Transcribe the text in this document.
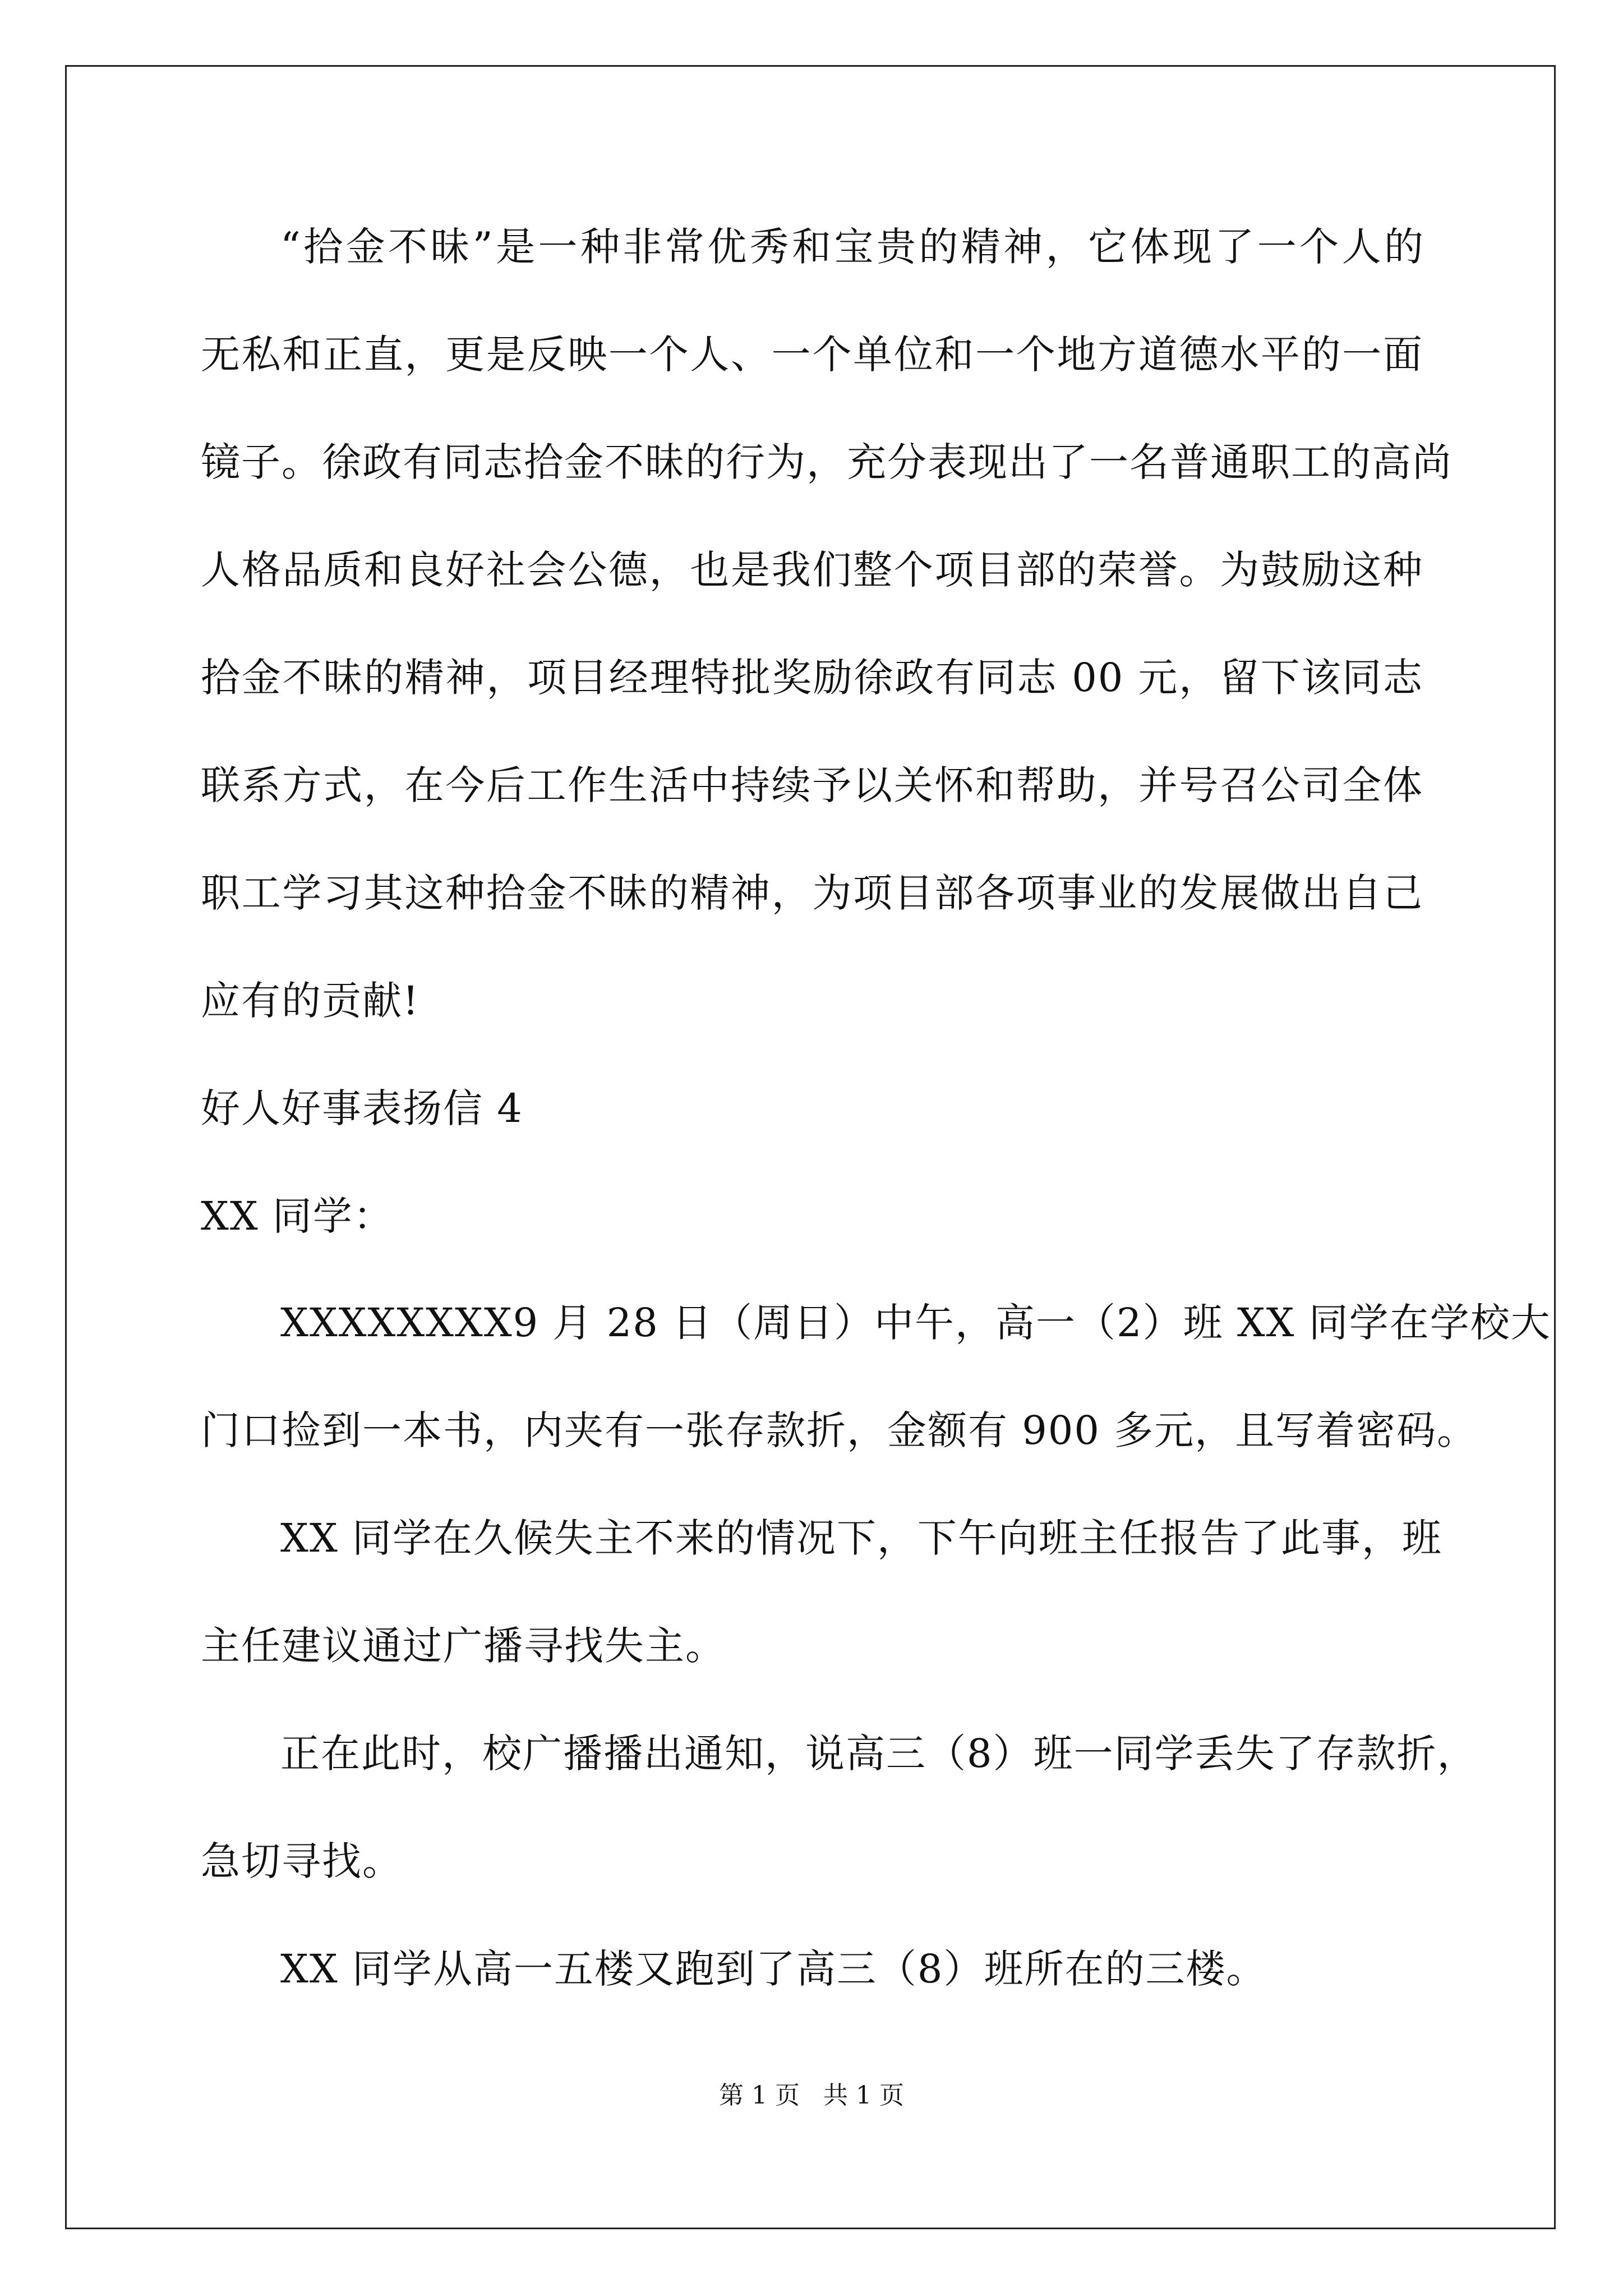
“拾金不昧”是一种非常优秀和宝贵的精神，它体现了一个人的
无私和正直，更是反映一个人、一个单位和一个地方道德水平的一面
镜子。徐政有同志拾金不昧的行为，充分表现出了一名普通职工的高尚
人格品质和良好社会公德，也是我们整个项目部的荣誉。为鼓励这种
拾金不昧的精神，项目经理特批奖励徐政有同志 00 元，留下该同志
联系方式，在今后工作生活中持续予以关怀和帮助，并号召公司全体
职工学习其这种拾金不昧的精神，为项目部各项事业的发展做出自己
应有的贡献!
好人好事表扬信 4
XX 同学：
XXXXXXXX9 月 28 日（周日）中午，高一（2）班 XX 同学在学校大
门口捡到一本书，内夹有一张存款折，金额有 900 多元，且写着密码。
XX 同学在久候失主不来的情况下，下午向班主任报告了此事，班
主任建议通过广播寻找失主。
正在此时，校广播播出通知，说高三（8）班一同学丢失了存款折，
急切寻找。
XX 同学从高一五楼又跑到了高三（8）班所在的三楼。
第 1 页   共 1 页
